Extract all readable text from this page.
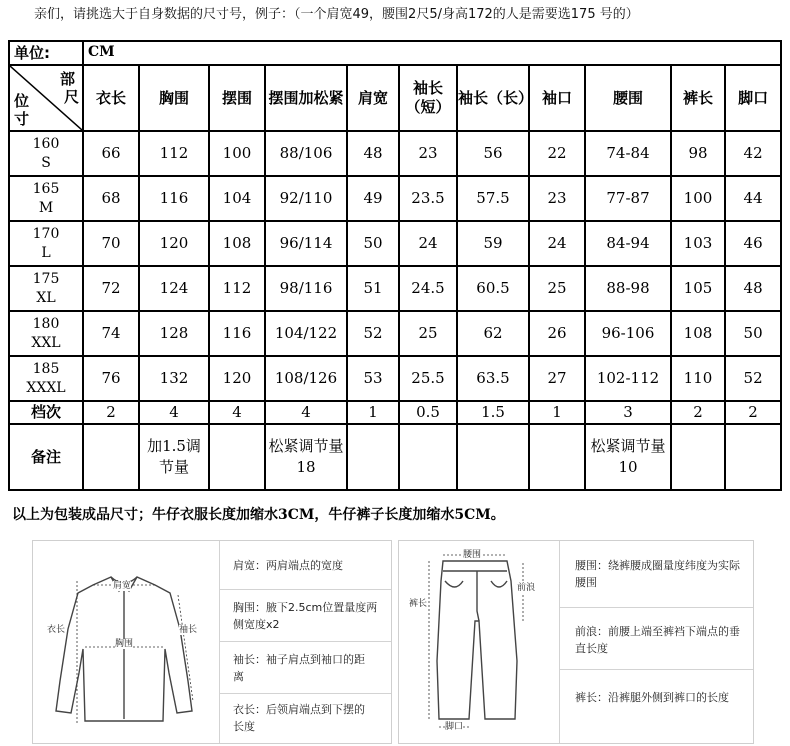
亲们，请挑选大于自身数据的尺寸号，例子：（一个肩宽49，腰围2尺5/身高172的人是需要选175 号的）
单位:	CM										

部
尺
位
寸	衣长	胸围	摆围	摆围加松紧	肩宽	袖长（短）	袖长（长）	袖口	腰围	裤长	脚口

160
S	66	112	100	88/106	48	23	56	22	74-84	98	42

165
M	68	116	104	92/110	49	23.5	57.5	23	77-87	100	44

170
L	70	120	108	96/114	50	24	59	24	84-94	103	46

175
XL	72	124	112	98/116	51	24.5	60.5	25	88-98	105	48

180
XXL	74	128	116	104/122	52	25	62	26	96-106	108	50

185
XXXL	76	132	120	108/126	53	25.5	63.5	27	102-112	110	52
档次	2	4	4	4	1	0.5	1.5	1	3	2	2
备注		加1.5调节量		松紧调节量18					松紧调节量10		
以上为包装成品尺寸；牛仔衣服长度加缩水3CM，牛仔裤子长度加缩水5CM。
肩宽
胸围
衣长	袖长
肩宽：两肩端点的宽度
胸围：腋下2.5cm位置量度两侧宽度x2
袖长：袖子肩点到袖口的距离
衣长：后领肩端点到下摆的长度
腰围
前浪
裤长
脚口
腰围：绕裤腰成圈量度纬度为实际腰围
前浪：前腰上端至裤裆下端点的垂直长度
裤长：沿裤腿外侧到裤口的长度
